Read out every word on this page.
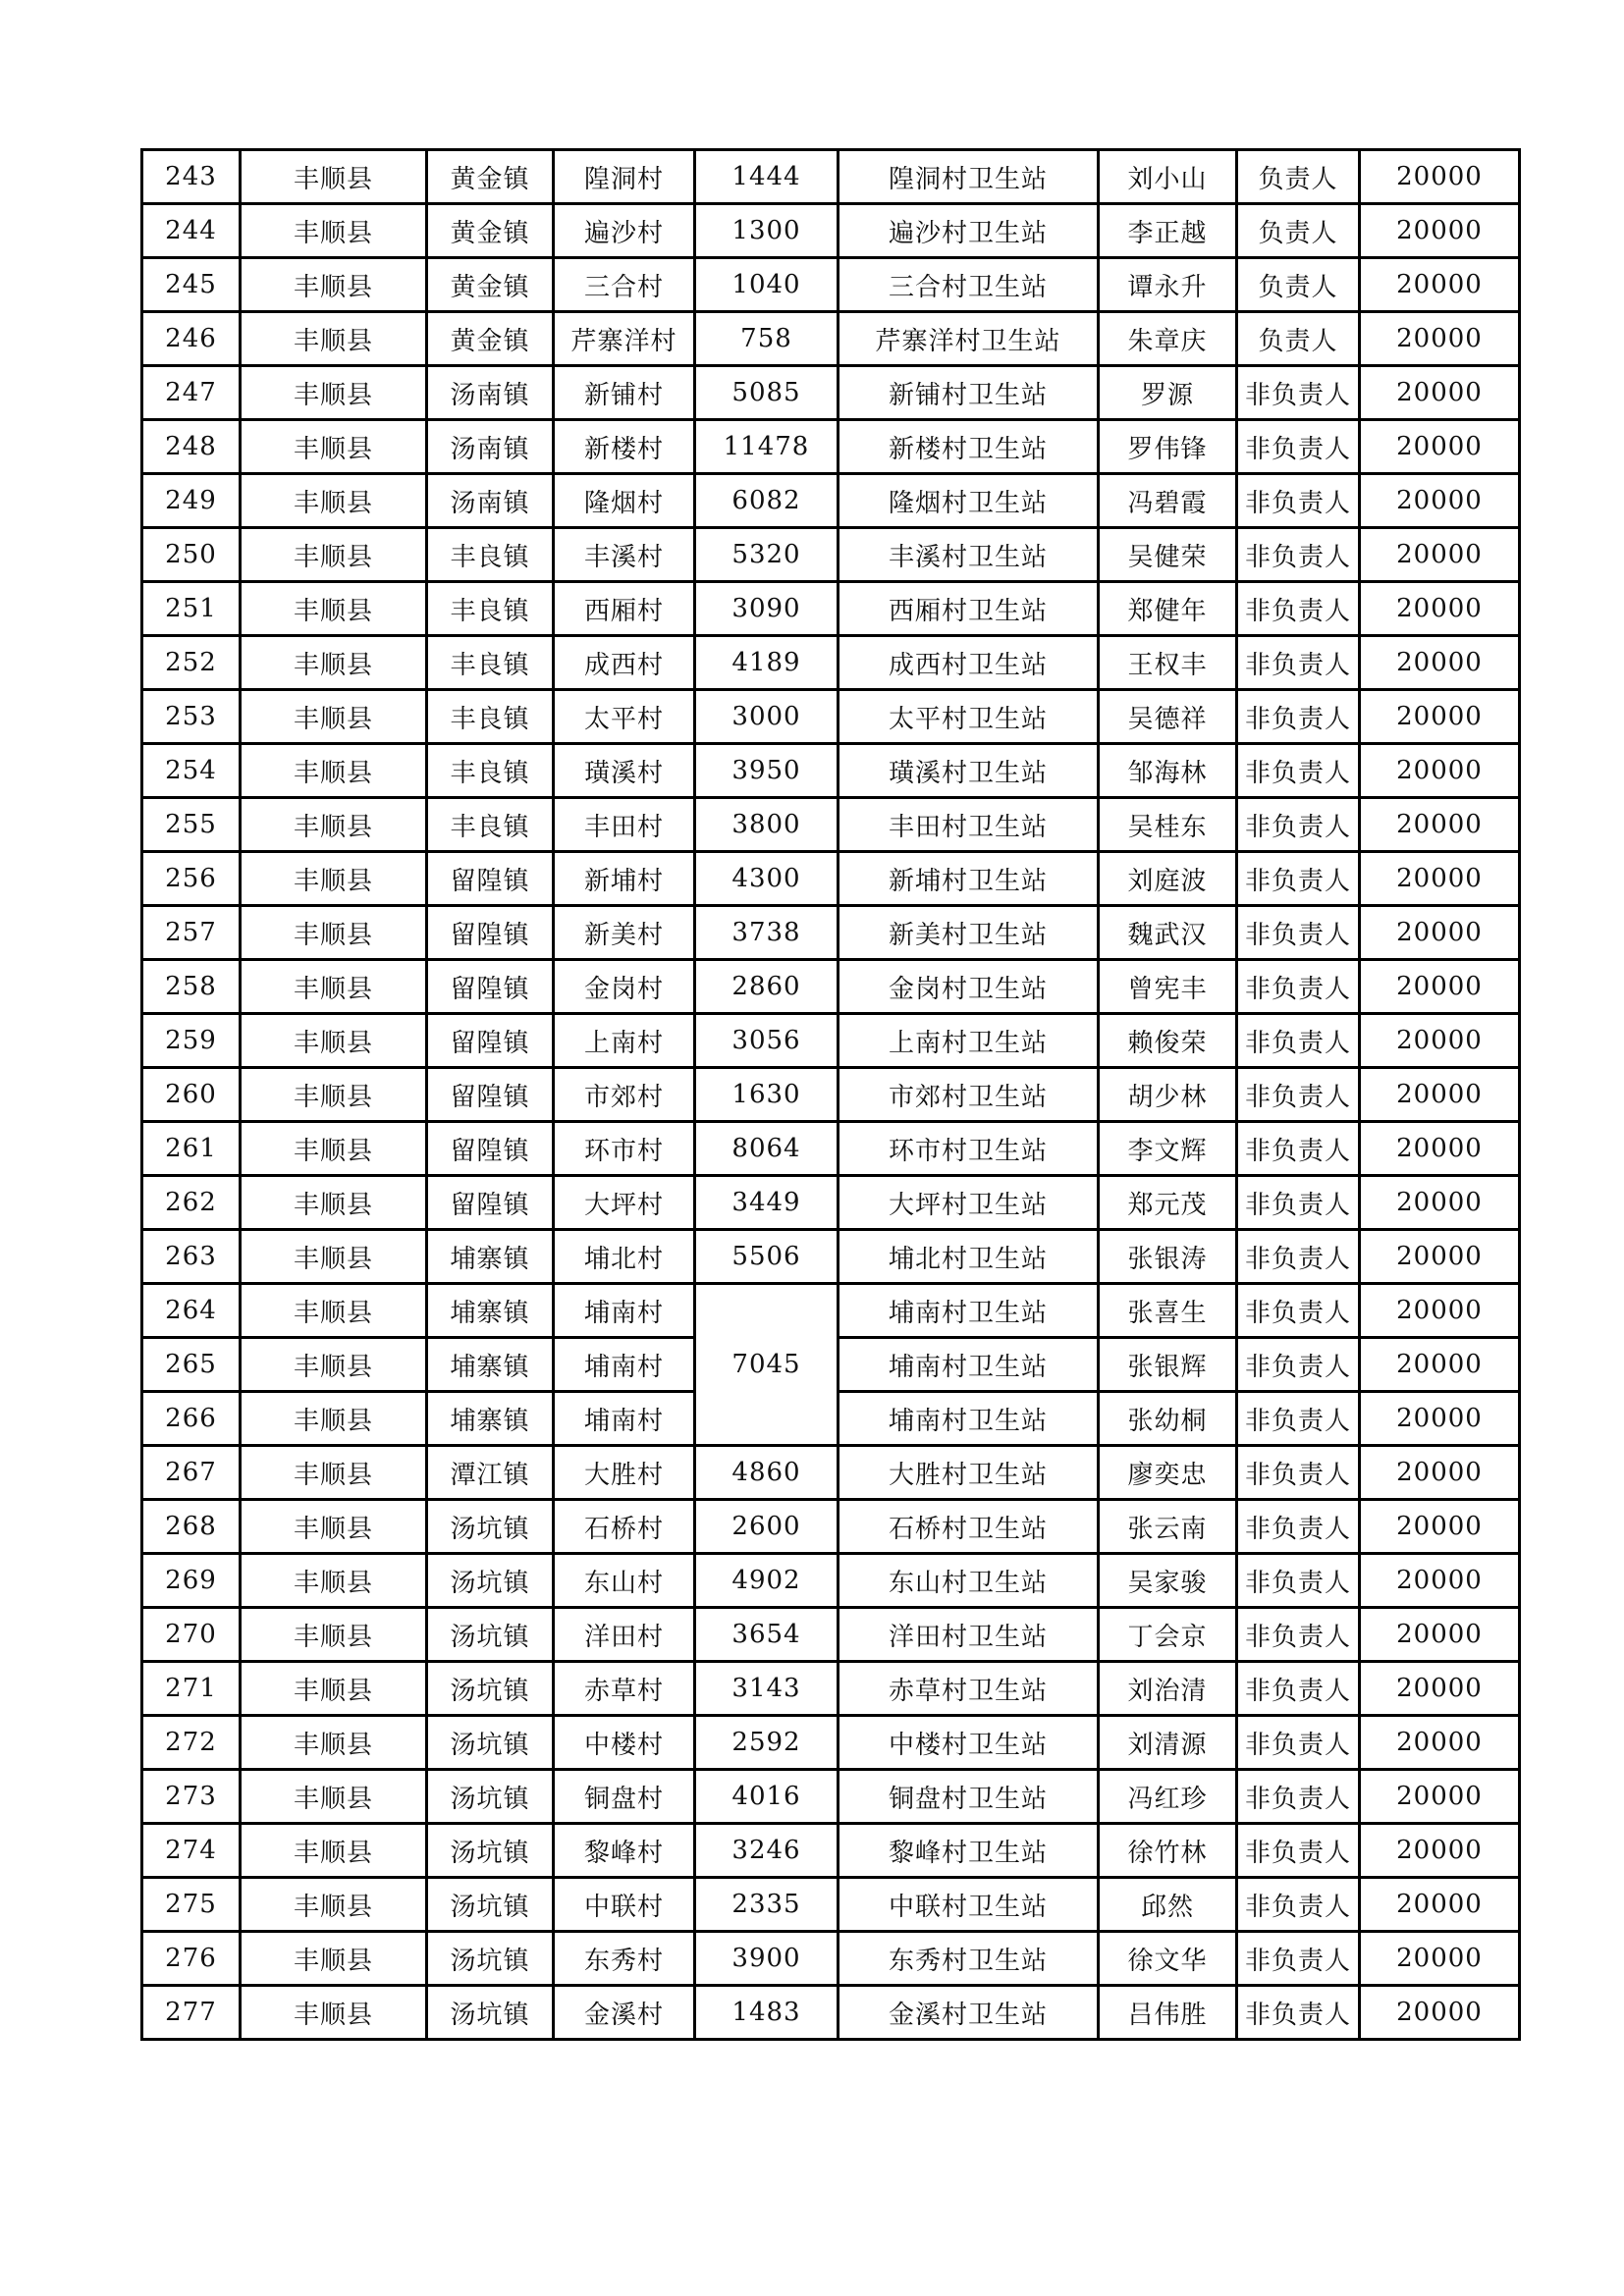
243	丰顺县	黄金镇	隍洞村	1444	隍洞村卫生站	刘小山	负责人	20000
244	丰顺县	黄金镇	遍沙村	1300	遍沙村卫生站	李正越	负责人	20000
245	丰顺县	黄金镇	三合村	1040	三合村卫生站	谭永升	负责人	20000
246	丰顺县	黄金镇	芹寨洋村	758	芹寨洋村卫生站	朱章庆	负责人	20000
247	丰顺县	汤南镇	新铺村	5085	新铺村卫生站	罗源	非负责人	20000
248	丰顺县	汤南镇	新楼村	11478	新楼村卫生站	罗伟锋	非负责人	20000
249	丰顺县	汤南镇	隆烟村	6082	隆烟村卫生站	冯碧霞	非负责人	20000
250	丰顺县	丰良镇	丰溪村	5320	丰溪村卫生站	吴健荣	非负责人	20000
251	丰顺县	丰良镇	西厢村	3090	西厢村卫生站	郑健年	非负责人	20000
252	丰顺县	丰良镇	成西村	4189	成西村卫生站	王权丰	非负责人	20000
253	丰顺县	丰良镇	太平村	3000	太平村卫生站	吴德祥	非负责人	20000
254	丰顺县	丰良镇	璜溪村	3950	璜溪村卫生站	邹海林	非负责人	20000
255	丰顺县	丰良镇	丰田村	3800	丰田村卫生站	吴桂东	非负责人	20000
256	丰顺县	留隍镇	新埔村	4300	新埔村卫生站	刘庭波	非负责人	20000
257	丰顺县	留隍镇	新美村	3738	新美村卫生站	魏武汉	非负责人	20000
258	丰顺县	留隍镇	金岗村	2860	金岗村卫生站	曾宪丰	非负责人	20000
259	丰顺县	留隍镇	上南村	3056	上南村卫生站	赖俊荣	非负责人	20000
260	丰顺县	留隍镇	市郊村	1630	市郊村卫生站	胡少林	非负责人	20000
261	丰顺县	留隍镇	环市村	8064	环市村卫生站	李文辉	非负责人	20000
262	丰顺县	留隍镇	大坪村	3449	大坪村卫生站	郑元茂	非负责人	20000
263	丰顺县	埔寨镇	埔北村	5506	埔北村卫生站	张银涛	非负责人	20000
264	丰顺县	埔寨镇	埔南村	7045	埔南村卫生站	张喜生	非负责人	20000
265	丰顺县	埔寨镇	埔南村		埔南村卫生站	张银辉	非负责人	20000
266	丰顺县	埔寨镇	埔南村		埔南村卫生站	张幼桐	非负责人	20000
267	丰顺县	潭江镇	大胜村	4860	大胜村卫生站	廖奕忠	非负责人	20000
268	丰顺县	汤坑镇	石桥村	2600	石桥村卫生站	张云南	非负责人	20000
269	丰顺县	汤坑镇	东山村	4902	东山村卫生站	吴家骏	非负责人	20000
270	丰顺县	汤坑镇	洋田村	3654	洋田村卫生站	丁会京	非负责人	20000
271	丰顺县	汤坑镇	赤草村	3143	赤草村卫生站	刘治清	非负责人	20000
272	丰顺县	汤坑镇	中楼村	2592	中楼村卫生站	刘清源	非负责人	20000
273	丰顺县	汤坑镇	铜盘村	4016	铜盘村卫生站	冯红珍	非负责人	20000
274	丰顺县	汤坑镇	黎峰村	3246	黎峰村卫生站	徐竹林	非负责人	20000
275	丰顺县	汤坑镇	中联村	2335	中联村卫生站	邱然	非负责人	20000
276	丰顺县	汤坑镇	东秀村	3900	东秀村卫生站	徐文华	非负责人	20000
277	丰顺县	汤坑镇	金溪村	1483	金溪村卫生站	吕伟胜	非负责人	20000
